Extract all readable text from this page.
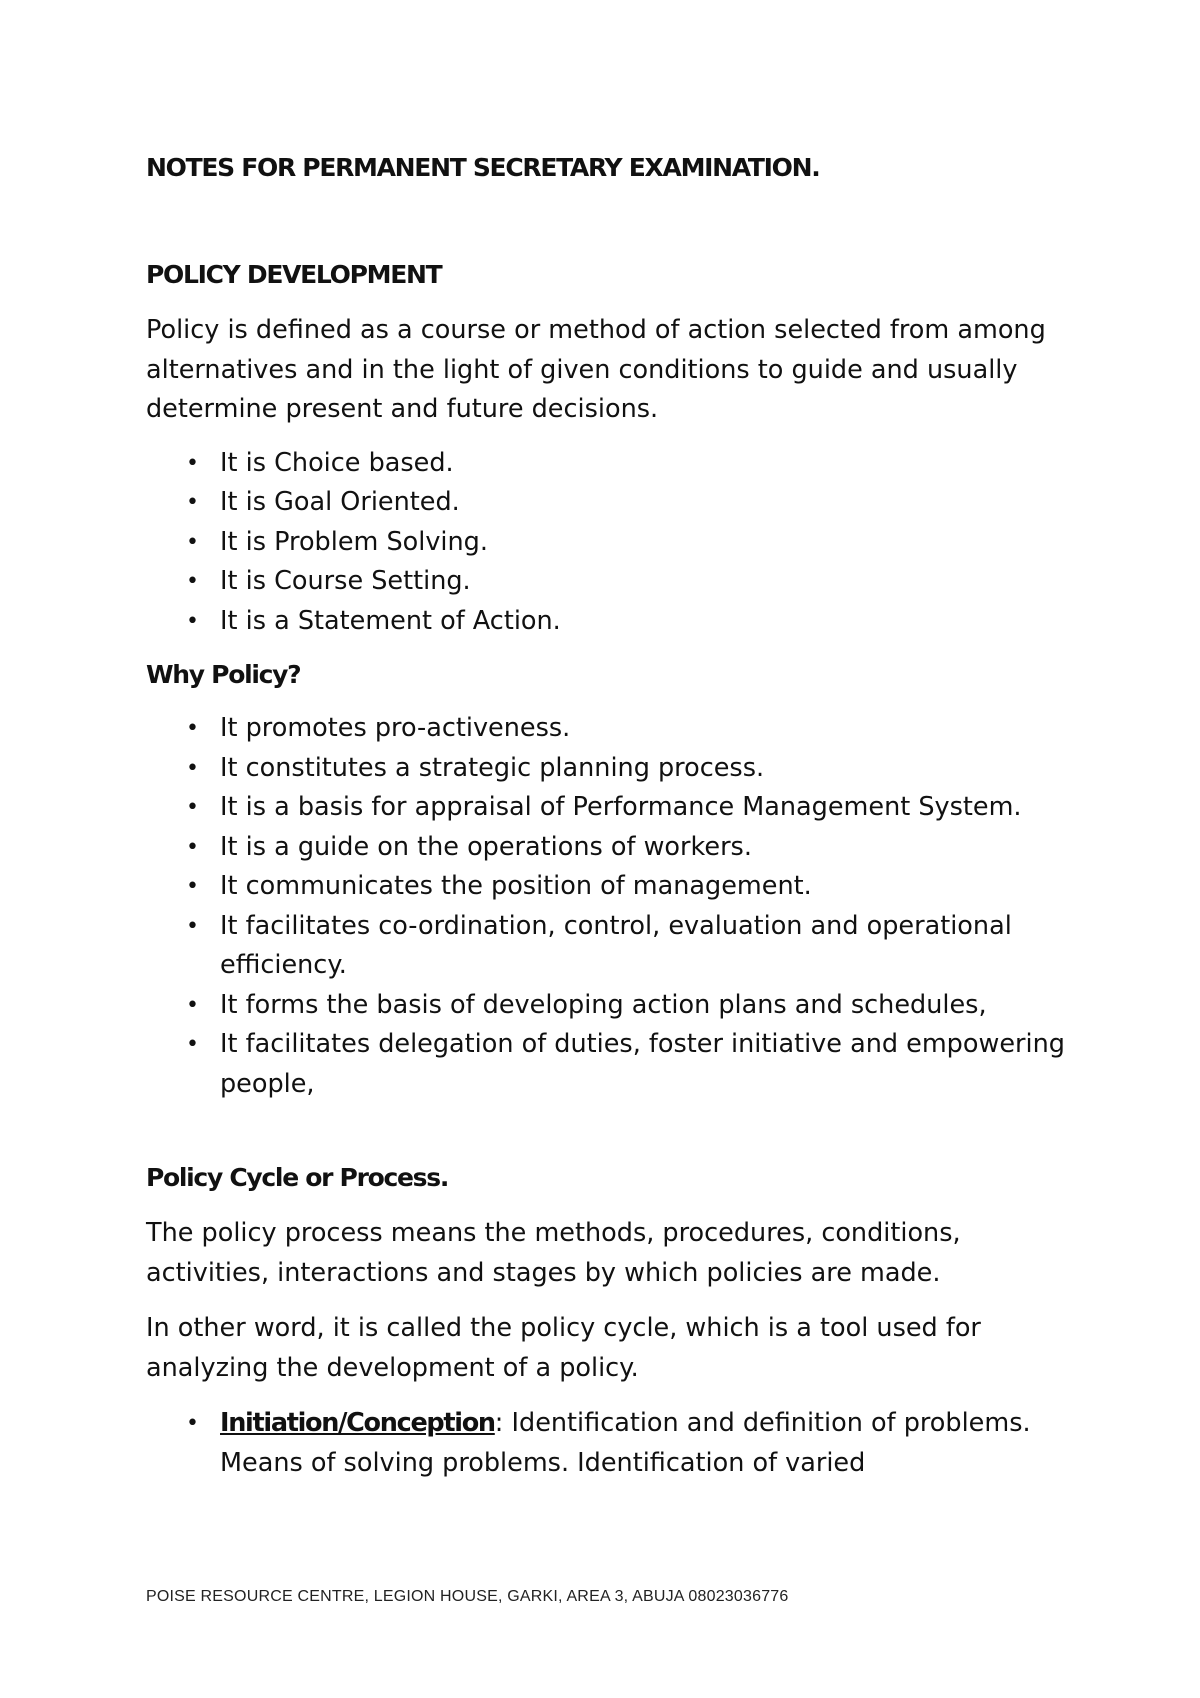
NOTES FOR PERMANENT SECRETARY EXAMINATION.
POLICY DEVELOPMENT

Policy is defined as a course or method of action selected from among alternatives and in the light of given conditions to guide and usually determine present and future decisions.

• It is Choice based.
• It is Goal Oriented.
• It is Problem Solving.
• It is Course Setting.
• It is a Statement of Action.
Why Policy?
• It promotes pro-activeness.
• It constitutes a strategic planning process.
• It is a basis for appraisal of Performance Management System.
• It is a guide on the operations of workers.
• It communicates the position of management.
• It facilitates co-ordination, control, evaluation and operational efficiency.
• It forms the basis of developing action plans and schedules,
• It facilitates delegation of duties, foster initiative and empowering people,
Policy Cycle or Process.

The policy process means the methods, procedures, conditions, activities, interactions and stages by which policies are made.

In other word, it is called the policy cycle, which is a tool used for analyzing the development of a policy.

• Initiation/Conception: Identification and definition of problems. Means of solving problems. Identification of varied
POISE RESOURCE CENTRE, LEGION HOUSE, GARKI, AREA 3, ABUJA 08023036776
